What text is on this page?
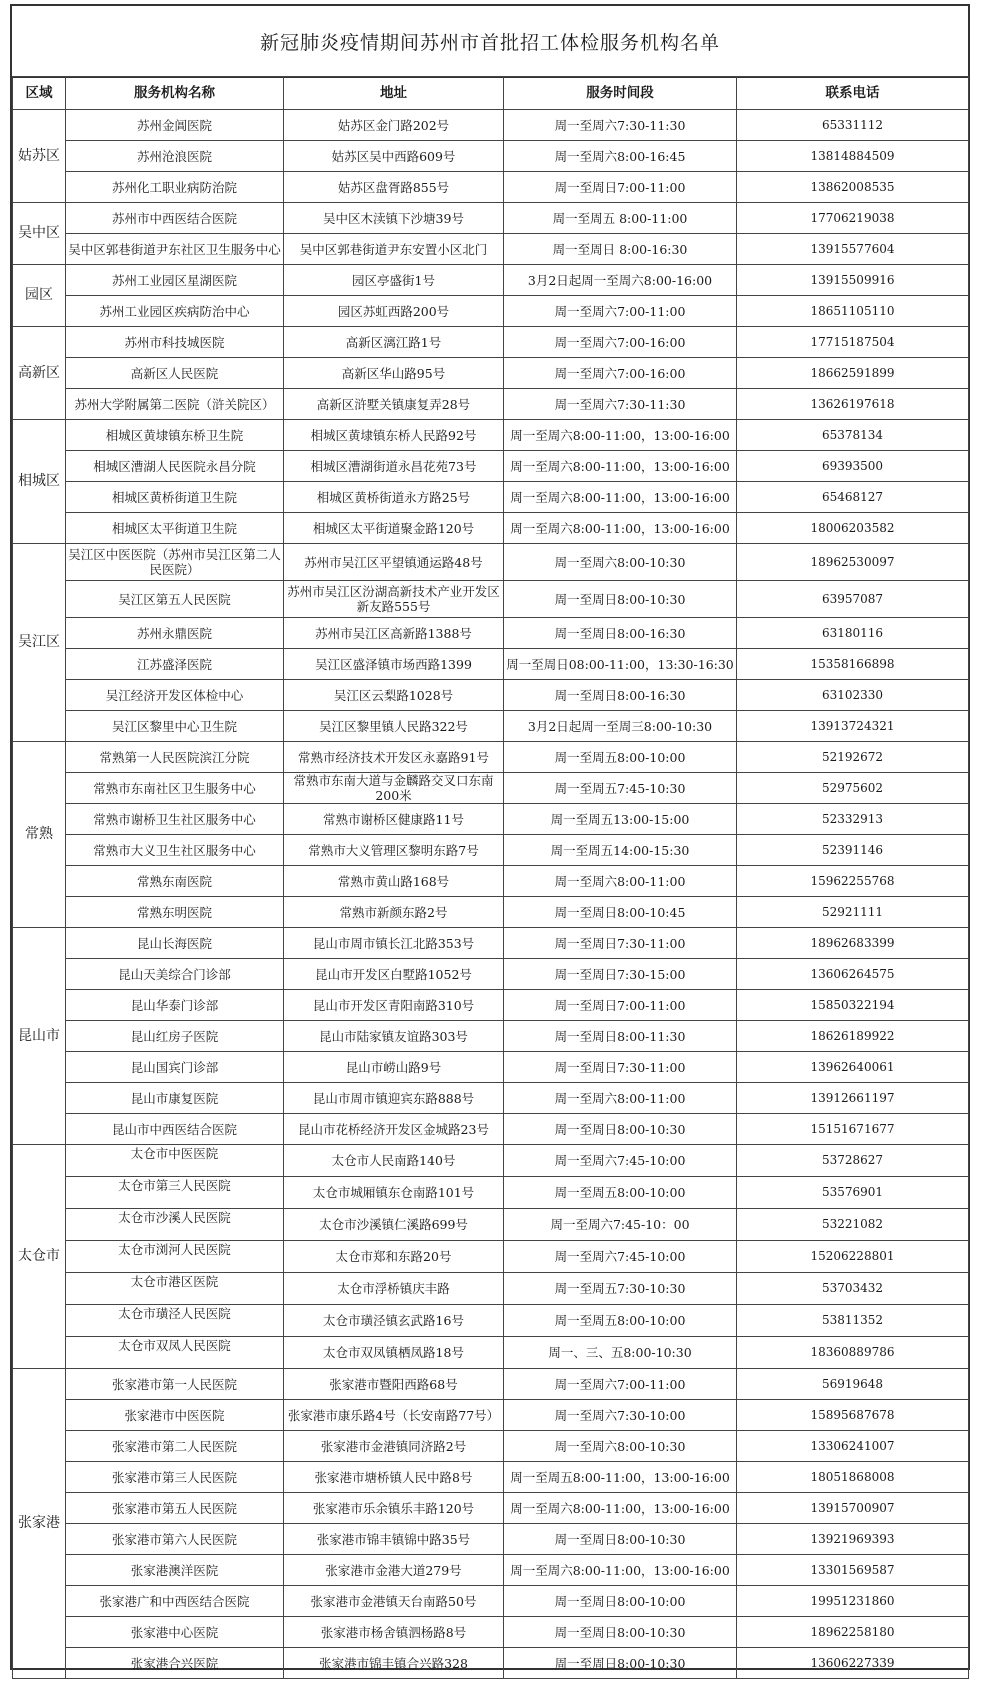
新冠肺炎疫情期间苏州市首批招工体检服务机构名单
区域	服务机构名称	地址	服务时间段	联系电话
姑苏区	苏州金阊医院	姑苏区金门路202号	周一至周六7:30-11:30	65331112
	苏州沧浪医院	姑苏区吴中西路609号	周一至周六8:00-16:45	13814884509
	苏州化工职业病防治院	姑苏区盘胥路855号	周一至周日7:00-11:00	13862008535
吴中区	苏州市中西医结合医院	吴中区木渎镇下沙塘39号	周一至周五 8:00-11:00	17706219038
	吴中区郭巷街道尹东社区卫生服务中心	吴中区郭巷街道尹东安置小区北门	周一至周日 8:00-16:30	13915577604
园区	苏州工业园区星湖医院	园区亭盛街1号	3月2日起周一至周六8:00-16:00	13915509916
	苏州工业园区疾病防治中心	园区苏虹西路200号	周一至周六7:00-11:00	18651105110
高新区	苏州市科技城医院	高新区漓江路1号	周一至周六7:00-16:00	17715187504
	高新区人民医院	高新区华山路95号	周一至周六7:00-16:00	18662591899
	苏州大学附属第二医院（浒关院区）	高新区浒墅关镇康复弄28号	周一至周六7:30-11:30	13626197618
相城区	相城区黄埭镇东桥卫生院	相城区黄埭镇东桥人民路92号	周一至周六8:00-11:00，13:00-16:00	65378134
	相城区漕湖人民医院永昌分院	相城区漕湖街道永昌花苑73号	周一至周六8:00-11:00，13:00-16:00	69393500
	相城区黄桥街道卫生院	相城区黄桥街道永方路25号	周一至周六8:00-11:00，13:00-16:00	65468127
	相城区太平街道卫生院	相城区太平街道聚金路120号	周一至周六8:00-11:00，13:00-16:00	18006203582
吴江区	吴江区中医医院（苏州市吴江区第二人民医院）	苏州市吴江区平望镇通运路48号	周一至周六8:00-10:30	18962530097
	吴江区第五人民医院	苏州市吴江区汾湖高新技术产业开发区新友路555号	周一至周日8:00-10:30	63957087
	苏州永鼎医院	苏州市吴江区高新路1388号	周一至周日8:00-16:30	63180116
	江苏盛泽医院	吴江区盛泽镇市场西路1399	周一至周日08:00-11:00，13:30-16:30	15358166898
	吴江经济开发区体检中心	吴江区云梨路1028号	周一至周日8:00-16:30	63102330
	吴江区黎里中心卫生院	吴江区黎里镇人民路322号	3月2日起周一至周三8:00-10:30	13913724321
常熟	常熟第一人民医院滨江分院	常熟市经济技术开发区永嘉路91号	周一至周五8:00-10:00	52192672
	常熟市东南社区卫生服务中心	常熟市东南大道与金麟路交叉口东南200米	周一至周五7:45-10:30	52975602
	常熟市谢桥卫生社区服务中心	常熟市谢桥区健康路11号	周一至周五13:00-15:00	52332913
	常熟市大义卫生社区服务中心	常熟市大义管理区黎明东路7号	周一至周五14:00-15:30	52391146
	常熟东南医院	常熟市黄山路168号	周一至周六8:00-11:00	15962255768
	常熟东明医院	常熟市新颜东路2号	周一至周日8:00-10:45	52921111
昆山市	昆山长海医院	昆山市周市镇长江北路353号	周一至周日7:30-11:00	18962683399
	昆山天美综合门诊部	昆山市开发区白墅路1052号	周一至周日7:30-15:00	13606264575
	昆山华泰门诊部	昆山市开发区青阳南路310号	周一至周日7:00-11:00	15850322194
	昆山红房子医院	昆山市陆家镇友谊路303号	周一至周日8:00-11:30	18626189922
	昆山国宾门诊部	昆山市崂山路9号	周一至周日7:30-11:00	13962640061
	昆山市康复医院	昆山市周市镇迎宾东路888号	周一至周六8:00-11:00	13912661197
	昆山市中西医结合医院	昆山市花桥经济开发区金城路23号	周一至周日8:00-10:30	15151671677
太仓市	太仓市中医医院	太仓市人民南路140号	周一至周六7:45-10:00	53728627
	太仓市第三人民医院	太仓市城厢镇东仓南路101号	周一至周五8:00-10:00	53576901
	太仓市沙溪人民医院	太仓市沙溪镇仁溪路699号	周一至周六7:45-10：00	53221082
	太仓市浏河人民医院	太仓市郑和东路20号	周一至周六7:45-10:00	15206228801
	太仓市港区医院	太仓市浮桥镇庆丰路	周一至周五7:30-10:30	53703432
	太仓市璜泾人民医院	太仓市璜泾镇玄武路16号	周一至周五8:00-10:00	53811352
	太仓市双凤人民医院	太仓市双凤镇栖凤路18号	周一、三、五8:00-10:30	18360889786
张家港	张家港市第一人民医院	张家港市暨阳西路68号	周一至周六7:00-11:00	56919648
	张家港市中医医院	张家港市康乐路4号（长安南路77号）	周一至周六7:30-10:00	15895687678
	张家港市第二人民医院	张家港市金港镇同济路2号	周一至周六8:00-10:30	13306241007
	张家港市第三人民医院	张家港市塘桥镇人民中路8号	周一至周五8:00-11:00，13:00-16:00	18051868008
	张家港市第五人民医院	张家港市乐余镇乐丰路120号	周一至周六8:00-11:00，13:00-16:00	13915700907
	张家港市第六人民医院	张家港市锦丰镇锦中路35号	周一至周日8:00-10:30	13921969393
	张家港澳洋医院	张家港市金港大道279号	周一至周六8:00-11:00，13:00-16:00	13301569587
	张家港广和中西医结合医院	张家港市金港镇天台南路50号	周一至周日8:00-10:00	19951231860
	张家港中心医院	张家港市杨舍镇泗杨路8号	周一至周日8:00-10:30	18962258180
	张家港合兴医院	张家港市锦丰镇合兴路328	周一至周日8:00-10:30	13606227339
